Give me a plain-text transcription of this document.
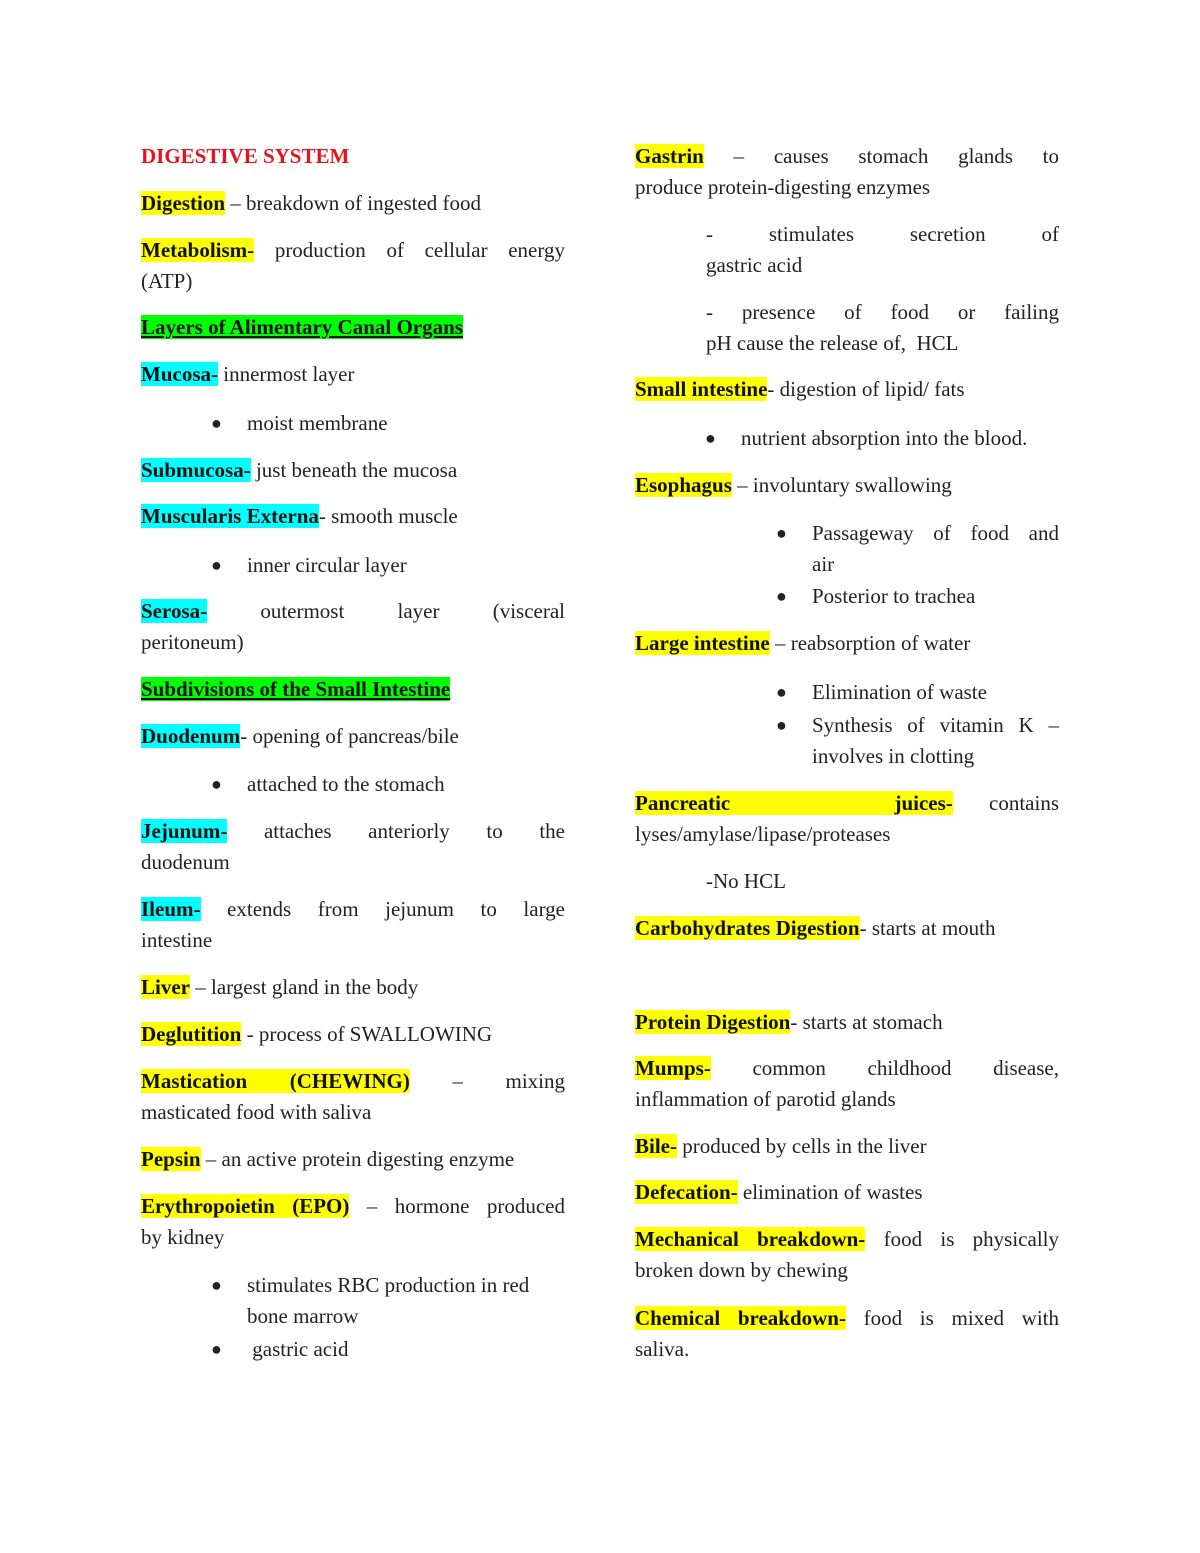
DIGESTIVE SYSTEM

Digestion – breakdown of ingested food

Metabolism- production of cellular energy

(ATP)

Layers of Alimentary Canal Organs

Mucosa- innermost layer

● moist membrane

Submucosa- just beneath the mucosa

Muscularis Externa- smooth muscle

● inner circular layer

Serosa- outermost layer (visceral

peritoneum)

Subdivisions of the Small Intestine

Duodenum- opening of pancreas/bile

● attached to the stomach

Jejunum- attaches anteriorly to the

duodenum

Ileum- extends from jejunum to large

intestine

Liver – largest gland in the body

Deglutition - process of SWALLOWING

Mastication (CHEWING) – mixing

masticated food with saliva

Pepsin – an active protein digesting enzyme

Erythropoietin (EPO) – hormone produced

by kidney

● stimulates RBC production in red
bone marrow
● gastric acid

Gastrin – causes stomach glands to

produce protein-digesting enzymes

- stimulates secretion of

gastric acid

- presence of food or failing

pH cause the release of,  HCL

Small intestine- digestion of lipid/ fats

● nutrient absorption into the blood.

Esophagus – involuntary swallowing

● Passageway of food and
air
● Posterior to trachea

Large intestine – reabsorption of water

● Elimination of waste
● Synthesis of vitamin K –
involves in clotting

Pancreatic juices- contains

lyses/amylase/lipase/proteases

-No HCL

Carbohydrates Digestion- starts at mouth

Protein Digestion- starts at stomach

Mumps- common childhood disease,

inflammation of parotid glands

Bile- produced by cells in the liver

Defecation- elimination of wastes

Mechanical breakdown- food is physically

broken down by chewing

Chemical breakdown- food is mixed with

saliva.
